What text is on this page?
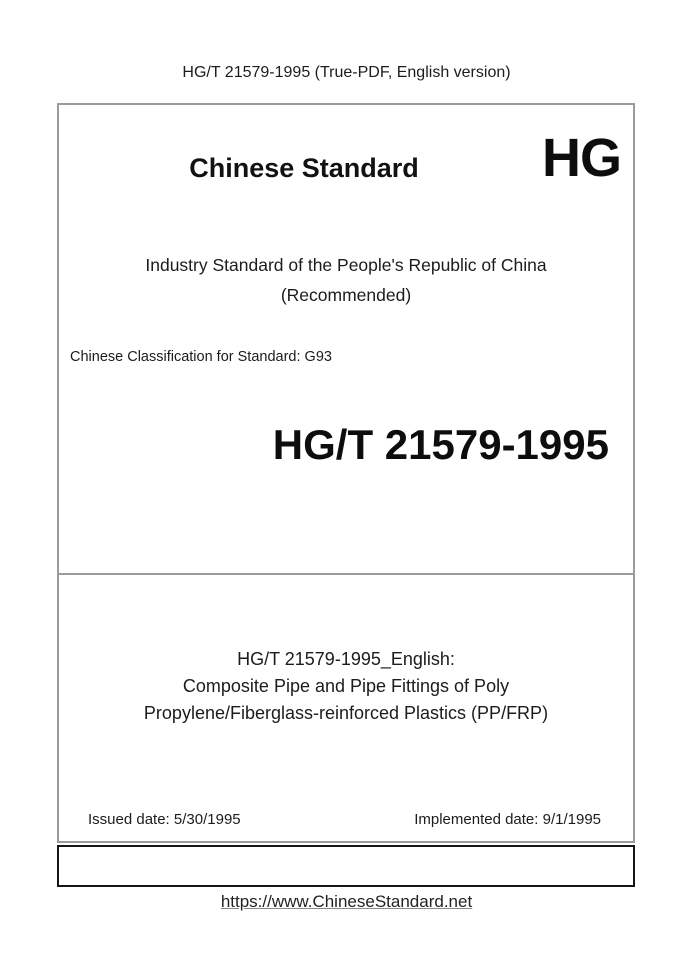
HG/T 21579-1995 (True-PDF, English version)
Chinese Standard	HG
Industry Standard of the People's Republic of China
(Recommended)
Chinese Classification for Standard: G93
HG/T 21579-1995
HG/T 21579-1995_English:
Composite Pipe and Pipe Fittings of Poly
Propylene/Fiberglass-reinforced Plastics (PP/FRP)
Issued date: 5/30/1995	Implemented date: 9/1/1995
https://www.ChineseStandard.net
